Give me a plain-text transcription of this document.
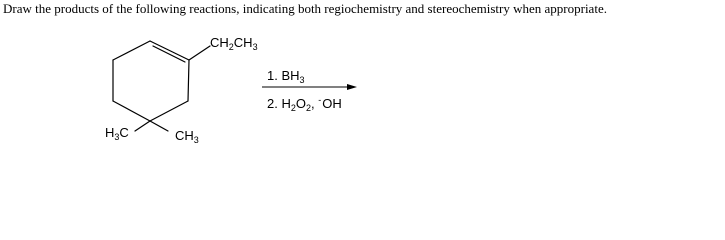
Draw the products of the following reactions, indicating both regiochemistry and stereochemistry when appropriate.

$CH_2CH_3$
$H_3C$	$CH_3$
1. $BH_3$
2. $H_2O_2$, -OH
